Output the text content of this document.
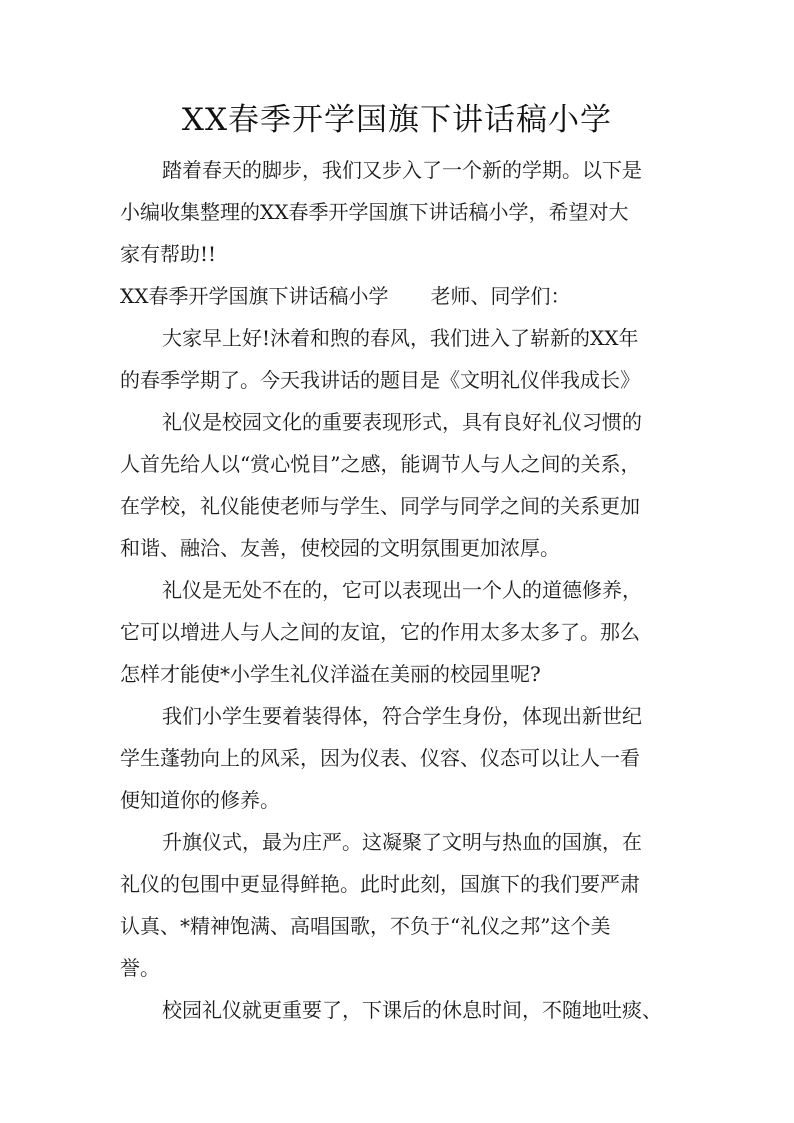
XX春季开学国旗下讲话稿小学
踏着春天的脚步，我们又步入了一个新的学期。以下是
小编收集整理的XX春季开学国旗下讲话稿小学，希望对大
家有帮助!!
XX春季开学国旗下讲话稿小学 老师、同学们：
大家早上好!沐着和煦的春风，我们进入了崭新的XX年
的春季学期了。今天我讲话的题目是《文明礼仪伴我成长》
礼仪是校园文化的重要表现形式，具有良好礼仪习惯的
人首先给人以“赏心悦目”之感，能调节人与人之间的关系，
在学校，礼仪能使老师与学生、同学与同学之间的关系更加
和谐、融洽、友善，使校园的文明氛围更加浓厚。
礼仪是无处不在的，它可以表现出一个人的道德修养，
它可以增进人与人之间的友谊，它的作用太多太多了。那么
怎样才能使*小学生礼仪洋溢在美丽的校园里呢?
我们小学生要着装得体，符合学生身份，体现出新世纪
学生蓬勃向上的风采，因为仪表、仪容、仪态可以让人一看
便知道你的修养。
升旗仪式，最为庄严。这凝聚了文明与热血的国旗，在
礼仪的包围中更显得鲜艳。此时此刻，国旗下的我们要严肃
认真、*精神饱满、高唱国歌，不负于“礼仪之邦”这个美
誉。
校园礼仪就更重要了，下课后的休息时间，不随地吐痰、
